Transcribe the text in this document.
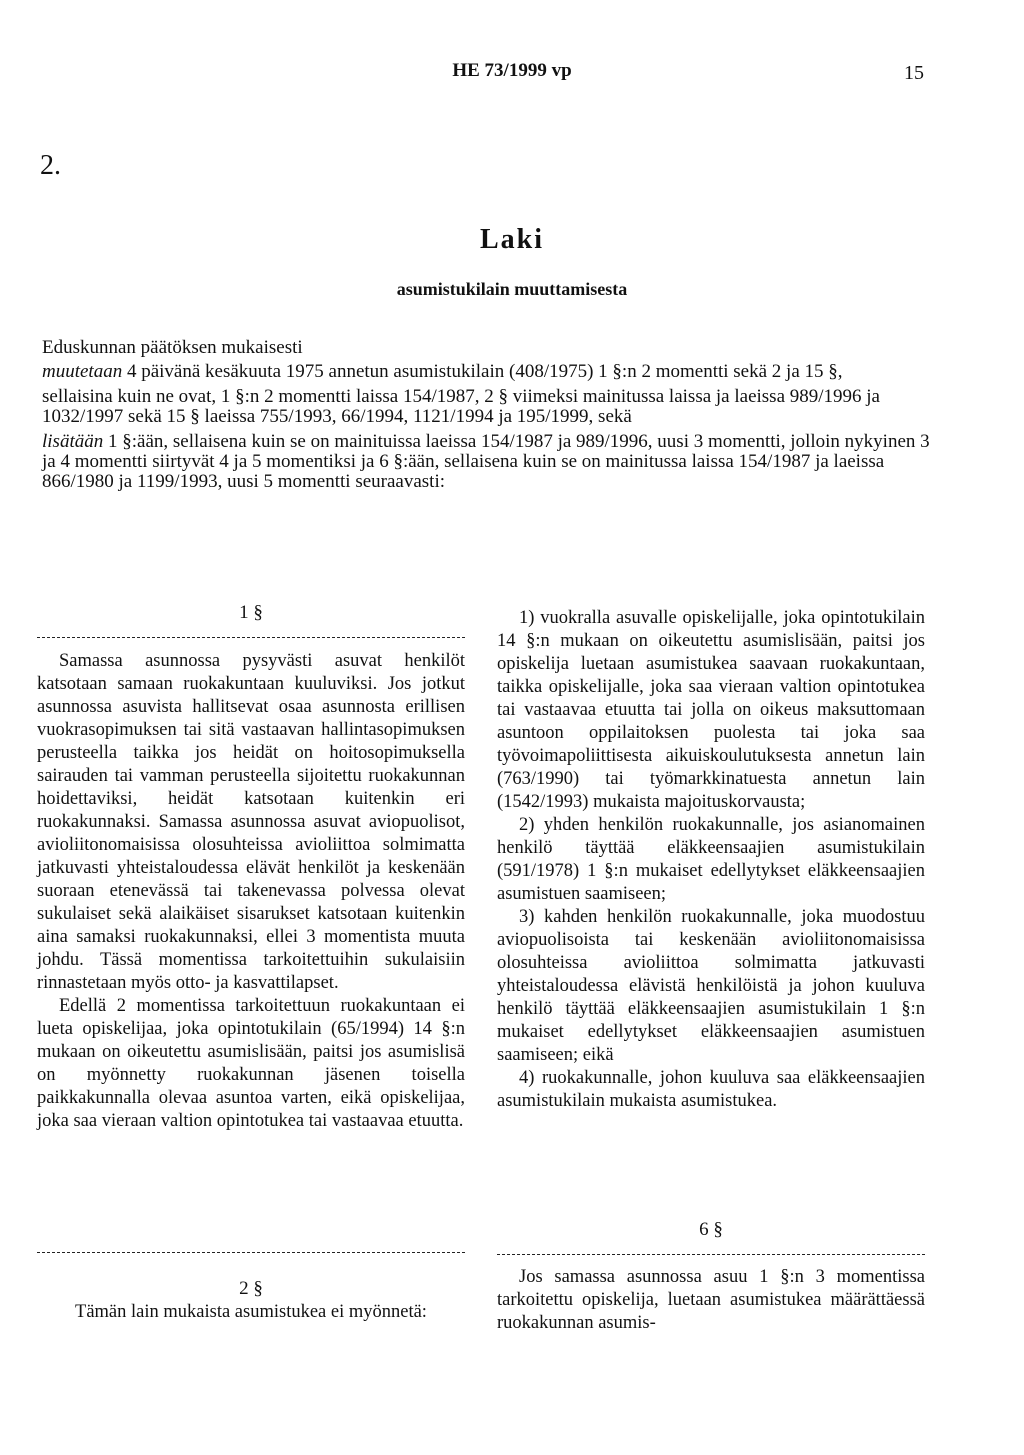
HE 73/1999 vp	15
2.
Laki
asumistukilain muuttamisesta

Eduskunnan päätöksen mukaisesti

muutetaan 4 päivänä kesäkuuta 1975 annetun asumistukilain (408/1975) 1 §:n 2 momentti sekä 2 ja 15 §,

sellaisina kuin ne ovat, 1 §:n 2 momentti laissa 154/1987, 2 § viimeksi mainitussa laissa ja laeissa 989/1996 ja 1032/1997 sekä 15 § laeissa 755/1993, 66/1994, 1121/1994 ja 195/1999, sekä

lisätään 1 §:ään, sellaisena kuin se on mainituissa laeissa 154/1987 ja 989/1996, uusi 3 momentti, jolloin nykyinen 3 ja 4 momentti siirtyvät 4 ja 5 momentiksi ja 6 §:ään, sellaisena kuin se on mainitussa laissa 154/1987 ja laeissa 866/1980 ja 1199/1993, uusi 5 momentti seuraavasti:

1 §

Samassa asunnossa pysyvästi asuvat henkilöt katsotaan samaan ruokakuntaan kuuluviksi. Jos jotkut asunnossa asuvista hallitsevat osaa asunnosta erillisen vuokrasopimuksen tai sitä vastaavan hallintasopimuksen perusteella taikka jos heidät on hoitosopimuksella sairauden tai vamman perusteella sijoitettu ruokakunnan hoidettaviksi, heidät katsotaan kuitenkin eri ruokakunnaksi. Samassa asunnossa asuvat aviopuolisot, avioliitonomaisissa olosuhteissa avioliittoa solmimatta jatkuvasti yhteistaloudessa elävät henkilöt ja keskenään suoraan etenevässä tai takenevassa polvessa olevat sukulaiset sekä alaikäiset sisarukset katsotaan kuitenkin aina samaksi ruokakunnaksi, ellei 3 momentista muuta johdu. Tässä momentissa tarkoitettuihin sukulaisiin rinnastetaan myös otto- ja kasvattilapset.

Edellä 2 momentissa tarkoitettuun ruokakuntaan ei lueta opiskelijaa, joka opintotukilain (65/1994) 14 §:n mukaan on oikeutettu asumislisään, paitsi jos asumislisä on myönnetty ruokakunnan jäsenen toisella paikkakunnalla olevaa asuntoa varten, eikä opiskelijaa, joka saa vieraan valtion opintotukea tai vastaavaa etuutta.

2 §
Tämän lain mukaista asumistukea ei myönnetä:

1) vuokralla asuvalle opiskelijalle, joka opintotukilain 14 §:n mukaan on oikeutettu asumislisään, paitsi jos opiskelija luetaan asumistukea saavaan ruokakuntaan, taikka opiskelijalle, joka saa vieraan valtion opintotukea tai vastaavaa etuutta tai jolla on oikeus maksuttomaan asuntoon oppilaitoksen puolesta tai joka saa työvoimapoliittisesta aikuiskoulutuksesta annetun lain (763/1990) tai työmarkkinatuesta annetun lain (1542/1993) mukaista majoituskorvausta;

2) yhden henkilön ruokakunnalle, jos asianomainen henkilö täyttää eläkkeensaajien asumistukilain (591/1978) 1 §:n mukaiset edellytykset eläkkeensaajien asumistuen saamiseen;

3) kahden henkilön ruokakunnalle, joka muodostuu aviopuolisoista tai keskenään avioliitonomaisissa olosuhteissa avioliittoa solmimatta jatkuvasti yhteistaloudessa elävistä henkilöistä ja johon kuuluva henkilö täyttää eläkkeensaajien asumistukilain 1 §:n mukaiset edellytykset eläkkeensaajien asumistuen saamiseen; eikä

4) ruokakunnalle, johon kuuluva saa eläkkeensaajien asumistukilain mukaista asumistukea.

6 §

Jos samassa asunnossa asuu 1 §:n 3 momentissa tarkoitettu opiskelija, luetaan asumistukea määrättäessä ruokakunnan asumis-
